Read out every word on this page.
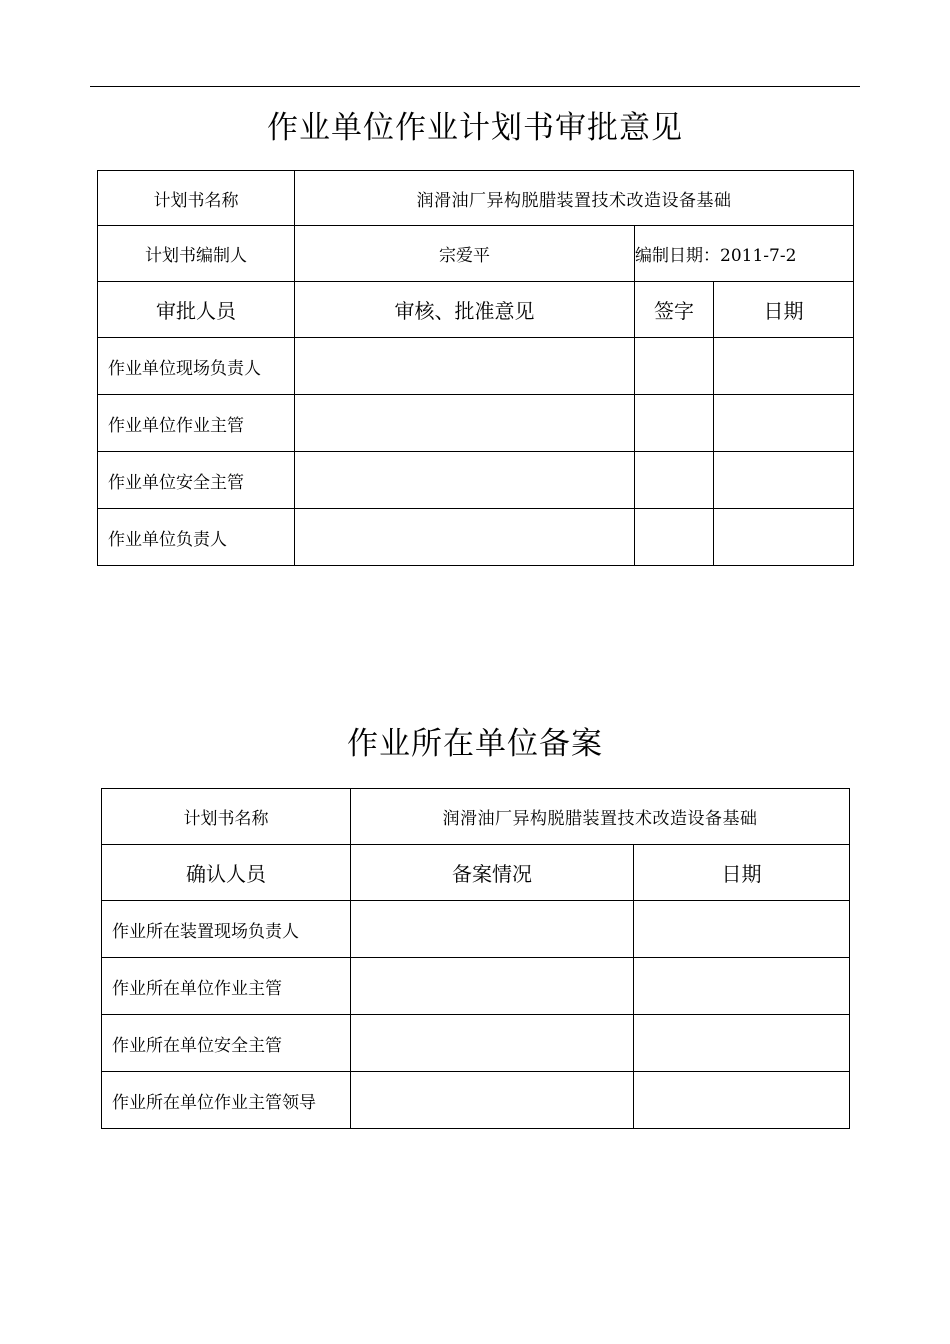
作业单位作业计划书审批意见
计划书名称	润滑油厂异构脱腊装置技术改造设备基础		
计划书编制人	宗爱平	编制日期：2011-7-2	
审批人员	审核、批准意见	签字	日期
作业单位现场负责人			
作业单位作业主管			
作业单位安全主管			
作业单位负责人			
作业所在单位备案
计划书名称	润滑油厂异构脱腊装置技术改造设备基础	
确认人员	备案情况	日期
作业所在装置现场负责人		
作业所在单位作业主管		
作业所在单位安全主管		
作业所在单位作业主管领导		
